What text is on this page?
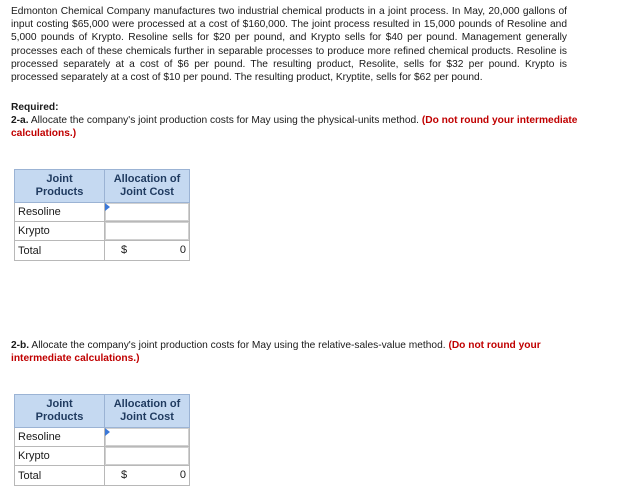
Edmonton Chemical Company manufactures two industrial chemical products in a joint process. In May, 20,000 gallons of input costing $65,000 were processed at a cost of $160,000. The joint process resulted in 15,000 pounds of Resoline and 5,000 pounds of Krypto. Resoline sells for $20 per pound, and Krypto sells for $40 per pound. Management generally processes each of these chemicals further in separable processes to produce more refined chemical products. Resoline is processed separately at a cost of $6 per pound. The resulting product, Resolite, sells for $32 per pound. Krypto is processed separately at a cost of $10 per pound. The resulting product, Kryptite, sells for $62 per pound.

Required:

2-a. Allocate the company's joint production costs for May using the physical-units method. (Do not round your intermediate calculations.)

Joint
Products	Allocation of
Joint Cost
Resoline	

Krypto	
Total	$ 0

2-b. Allocate the company's joint production costs for May using the relative-sales-value method. (Do not round your intermediate calculations.)

Joint
Products	Allocation of
Joint Cost
Resoline	

Krypto	
Total	$ 0
